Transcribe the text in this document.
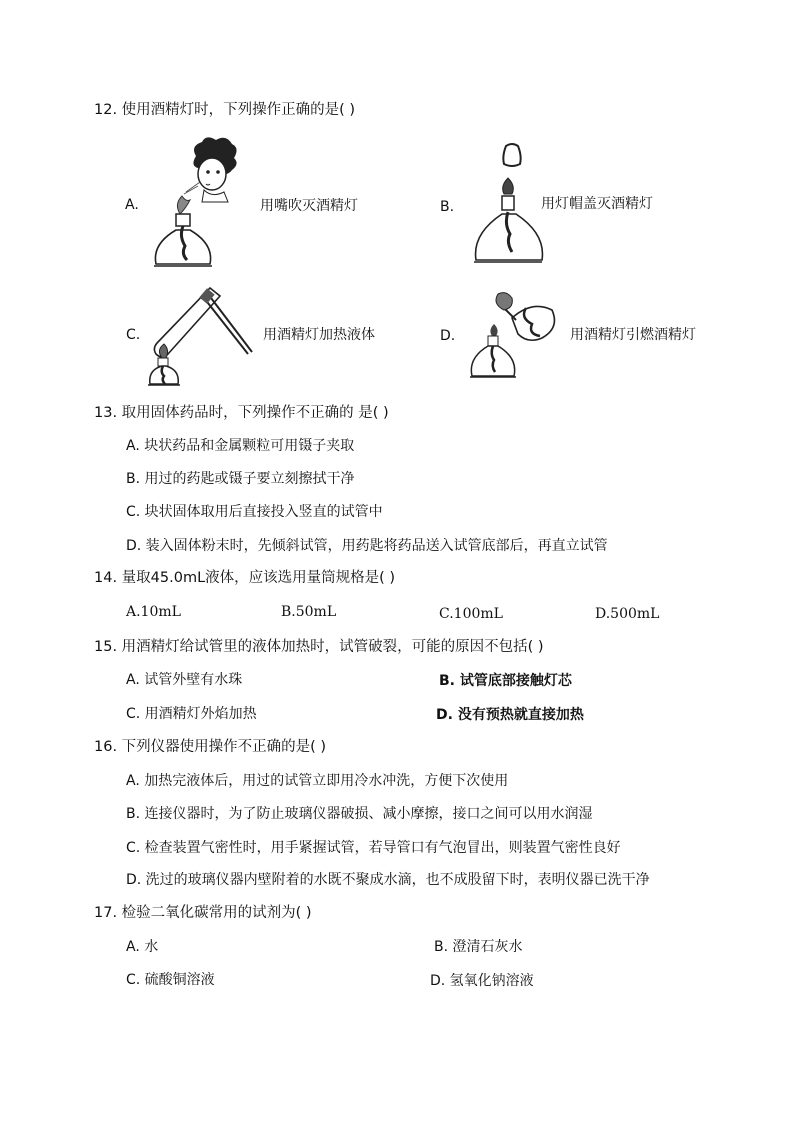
12. 使用酒精灯时，下列操作正确的是( )
A.	用嘴吹灭酒精灯	B.	用灯帽盖灭酒精灯
C.	用酒精灯加热液体	D.	用酒精灯引燃酒精灯
13. 取用固体药品时，下列操作不正确的 是( )
A. 块状药品和金属颗粒可用镊子夹取
B. 用过的药匙或镊子要立刻擦拭干净
C. 块状固体取用后直接投入竖直的试管中
D. 装入固体粉末时，先倾斜试管，用药匙将药品送入试管底部后，再直立试管
14. 量取45.0mL液体，应该选用量筒规格是( )
A.10mL	B.50mL	C.100mL	D.500mL
15. 用酒精灯给试管里的液体加热时，试管破裂，可能的原因不包括( )
A. 试管外壁有水珠	B. 试管底部接触灯芯
C. 用酒精灯外焰加热	D. 没有预热就直接加热
16. 下列仪器使用操作不正确的是( )
A. 加热完液体后，用过的试管立即用冷水冲洗，方便下次使用
B. 连接仪器时，为了防止玻璃仪器破损、减小摩擦，接口之间可以用水润湿
C. 检查装置气密性时，用手紧握试管，若导管口有气泡冒出，则装置气密性良好
D. 洗过的玻璃仪器内壁附着的水既不聚成水滴，也不成股留下时，表明仪器已洗干净
17. 检验二氧化碳常用的试剂为( )
A. 水	B. 澄清石灰水
C. 硫酸铜溶液	D. 氢氧化钠溶液
